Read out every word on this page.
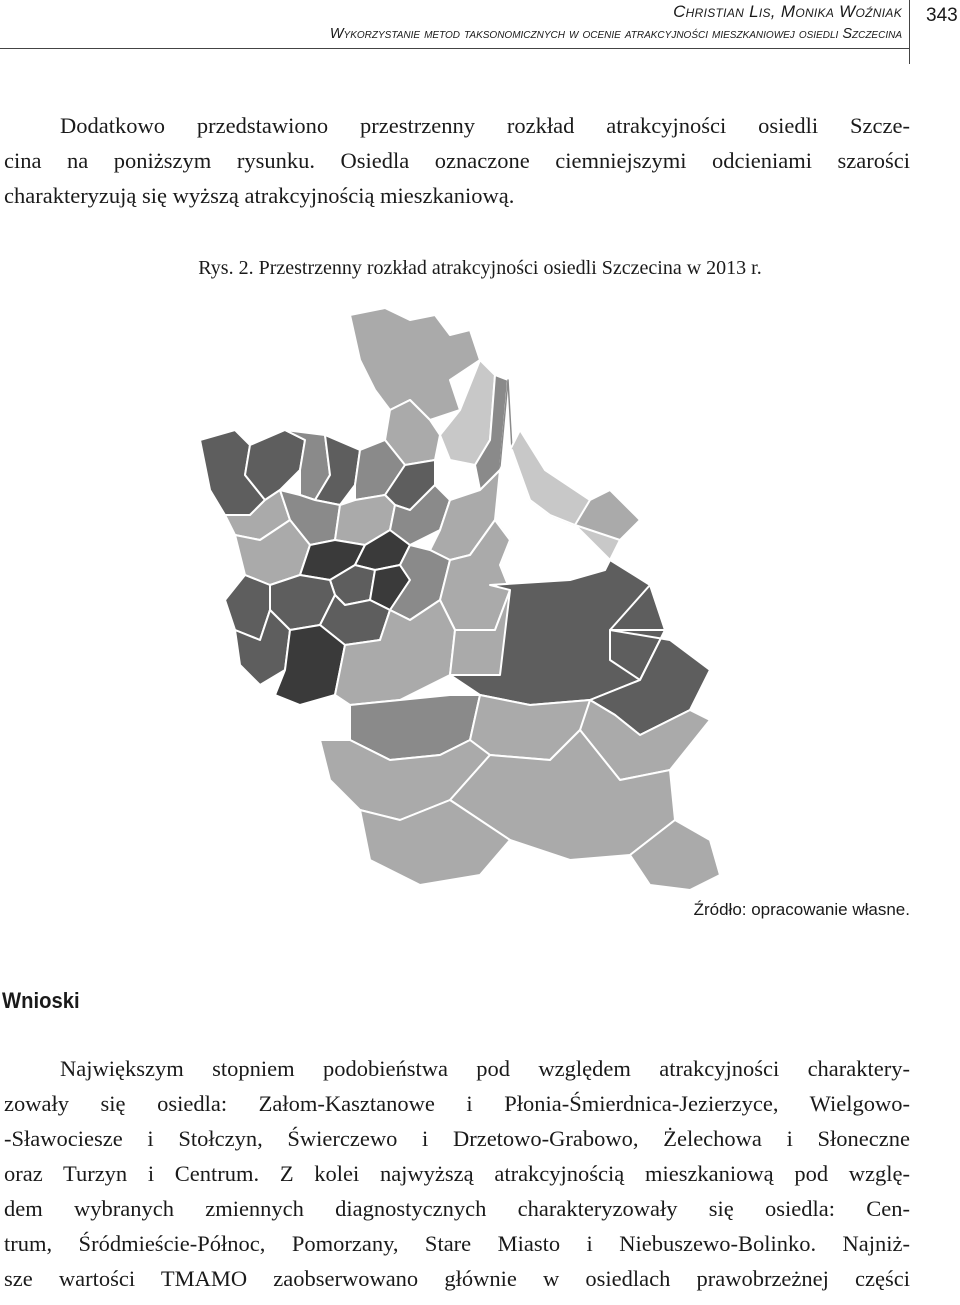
Christian Lis, Monika Woźniak
Wykorzystanie metod taksonomicznych w ocenie atrakcyjności mieszkaniowej osiedli Szczecina
343

Dodatkowo przedstawiono przestrzenny rozkład atrakcyjności osiedli Szcze-
cina na poniższym rysunku. Osiedla oznaczone ciemniejszymi odcieniami szarości
charakteryzują się wyższą atrakcyjnością mieszkaniową.

Rys. 2. Przestrzenny rozkład atrakcyjności osiedli Szczecina w 2013 r.
Źródło: opracowanie własne.
Wnioski

Największym stopniem podobieństwa pod względem atrakcyjności charaktery-
zowały się osiedla: Załom-Kasztanowe i Płonia-Śmierdnica-Jezierzyce, Wielgowo-
-Sławociesze i Stołczyn, Świerczewo i Drzetowo-Grabowo, Żelechowa i Słoneczne
oraz Turzyn i Centrum. Z kolei najwyższą atrakcyjnością mieszkaniową pod wzglę-
dem wybranych zmiennych diagnostycznych charakteryzowały się osiedla: Cen-
trum, Śródmieście-Północ, Pomorzany, Stare Miasto i Niebuszewo-Bolinko. Najniż-
sze wartości TMAMO zaobserwowano głównie w osiedlach prawobrzeżnej części
